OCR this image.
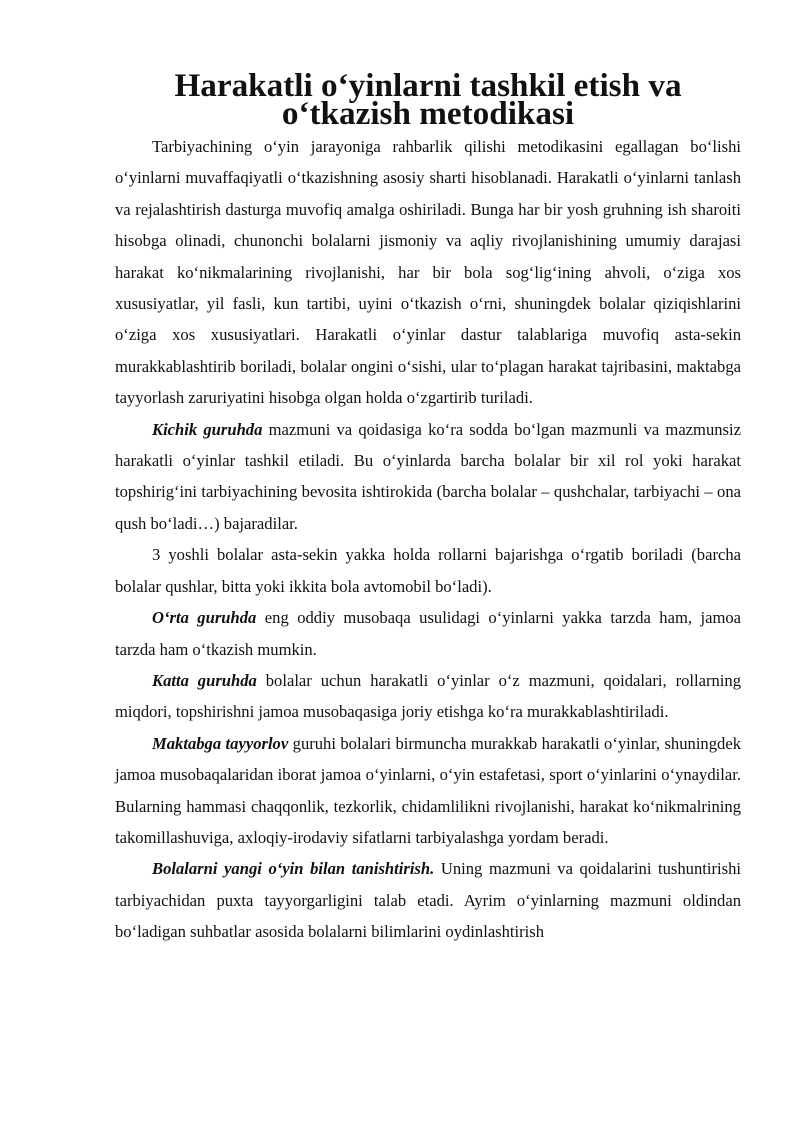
Harakatli o‘yinlarni tashkil etish va o‘tkazish metodikasi

Tarbiyachining o‘yin jarayoniga rahbarlik qilishi metodikasini egallagan bo‘lishi o‘yinlarni muvaffaqiyatli o‘tkazishning asosiy sharti hisoblanadi. Harakatli o‘yinlarni tanlash va rejalashtirish dasturga muvofiq amalga oshiriladi. Bunga har bir yosh gruhning ish sharoiti hisobga olinadi, chunonchi bolalarni jismoniy va aqliy rivojlanishining umumiy darajasi harakat ko‘nikmalarining rivojlanishi, har bir bola sog‘lig‘ining ahvoli, o‘ziga xos xususiyatlar, yil fasli, kun tartibi, uyini o‘tkazish o‘rni, shuningdek bolalar qiziqishlarini o‘ziga xos xususiyatlari. Harakatli o‘yinlar dastur talablariga muvofiq asta-sekin murakkablashtirib boriladi, bolalar ongini o‘sishi, ular to‘plagan harakat tajribasini, maktabga tayyorlash zaruriyatini hisobga olgan holda o‘zgartirib turiladi.

Kichik guruhda mazmuni va qoidasiga ko‘ra sodda bo‘lgan mazmunli va mazmunsiz harakatli o‘yinlar tashkil etiladi. Bu o‘yinlarda barcha bolalar bir xil rol yoki harakat topshirig‘ini tarbiyachining bevosita ishtirokida (barcha bolalar – qushchalar, tarbiyachi – ona qush bo‘ladi…) bajaradilar.

3 yoshli bolalar asta-sekin yakka holda rollarni bajarishga o‘rgatib boriladi (barcha bolalar qushlar, bitta yoki ikkita bola avtomobil bo‘ladi).

O‘rta guruhda eng oddiy musobaqa usulidagi o‘yinlarni yakka tarzda ham, jamoa tarzda ham o‘tkazish mumkin.

Katta guruhda bolalar uchun harakatli o‘yinlar o‘z mazmuni, qoidalari, rollarning miqdori, topshirishni jamoa musobaqasiga joriy etishga ko‘ra murakkablashtiriladi.

Maktabga tayyorlov guruhi bolalari birmuncha murakkab harakatli o‘yinlar, shuningdek jamoa musobaqalaridan iborat jamoa o‘yinlarni, o‘yin estafetasi, sport o‘yinlarini o‘ynaydilar. Bularning hammasi chaqqonlik, tezkorlik, chidamlilikni rivojlanishi, harakat ko‘nikmalrining takomillashuviga, axloqiy-irodaviy sifatlarni tarbiyalashga yordam beradi.

Bolalarni yangi o‘yin bilan tanishtirish. Uning mazmuni va qoidalarini tushuntirishi tarbiyachidan puxta tayyorgarligini talab etadi. Ayrim o‘yinlarning mazmuni oldindan bo‘ladigan suhbatlar asosida bolalarni bilimlarini oydinlashtirish
